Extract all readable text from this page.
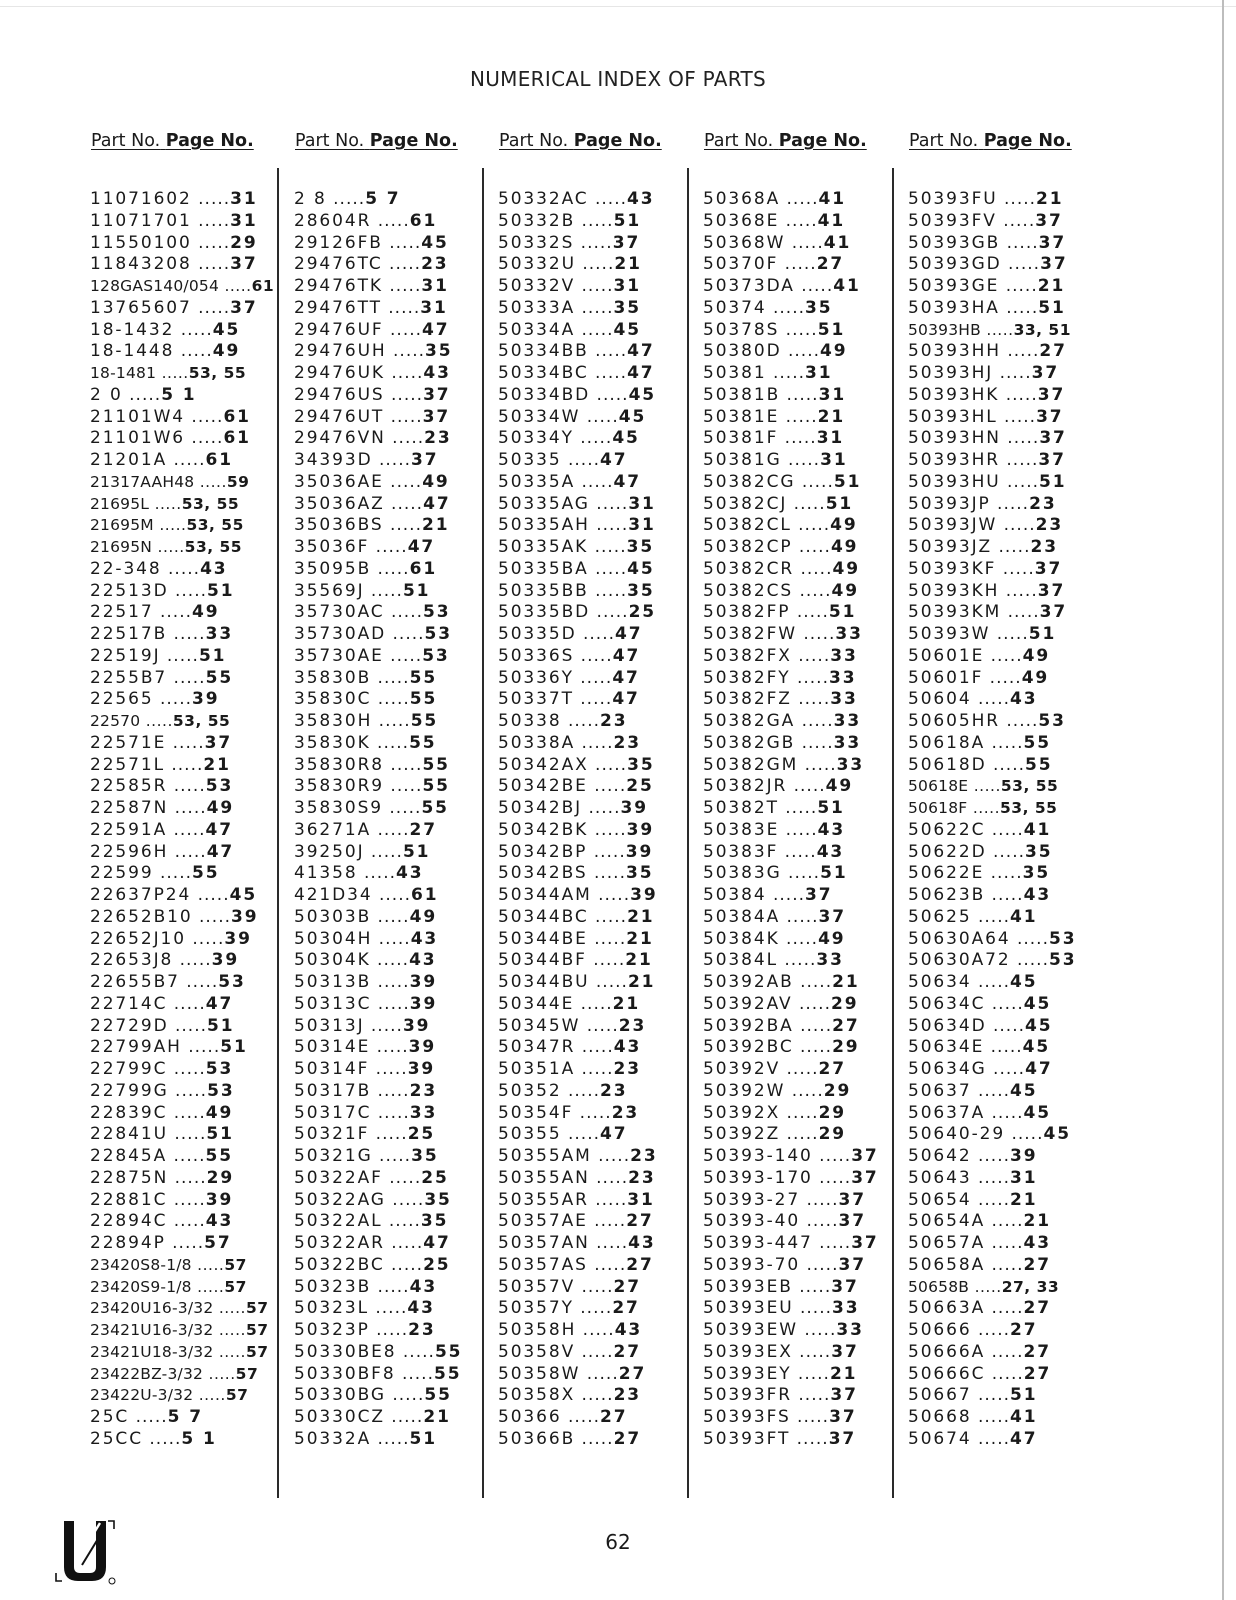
NUMERICAL INDEX OF PARTS
Part No. Page No. Part No. Page No. Part No. Page No. Part No. Page No. Part No. Page No.
11071602 .....31
11071701 .....31
11550100 .....29
11843208 .....37
128GAS140/054 .....61
13765607 .....37
18-1432 .....45
18-1448 .....49
18-1481 .....53, 55
2 0 .....5 1
21101W4 .....61
21101W6 .....61
21201A .....61
21317AAH48 .....59
21695L .....53, 55
21695M .....53, 55
21695N .....53, 55
22-348 .....43
22513D .....51
22517 .....49
22517B .....33
22519J .....51
2255B7 .....55
22565 .....39
22570 .....53, 55
22571E .....37
22571L .....21
22585R .....53
22587N .....49
22591A .....47
22596H .....47
22599 .....55
22637P24 .....45
22652B10 .....39
22652J10 .....39
22653J8 .....39
22655B7 .....53
22714C .....47
22729D .....51
22799AH .....51
22799C .....53
22799G .....53
22839C .....49
22841U .....51
22845A .....55
22875N .....29
22881C .....39
22894C .....43
22894P .....57
23420S8-1/8 .....57
23420S9-1/8 .....57
23420U16-3/32 .....57
23421U16-3/32 .....57
23421U18-3/32 .....57
23422BZ-3/32 .....57
23422U-3/32 .....57
25C .....5 7
25CC .....5 1
2 8 .....5 7
28604R .....61
29126FB .....45
29476TC .....23
29476TK .....31
29476TT .....31
29476UF .....47
29476UH .....35
29476UK .....43
29476US .....37
29476UT .....37
29476VN .....23
34393D .....37
35036AE .....49
35036AZ .....47
35036BS .....21
35036F .....47
35095B .....61
35569J .....51
35730AC .....53
35730AD .....53
35730AE .....53
35830B .....55
35830C .....55
35830H .....55
35830K .....55
35830R8 .....55
35830R9 .....55
35830S9 .....55
36271A .....27
39250J .....51
41358 .....43
421D34 .....61
50303B .....49
50304H .....43
50304K .....43
50313B .....39
50313C .....39
50313J .....39
50314E .....39
50314F .....39
50317B .....23
50317C .....33
50321F .....25
50321G .....35
50322AF .....25
50322AG .....35
50322AL .....35
50322AR .....47
50322BC .....25
50323B .....43
50323L .....43
50323P .....23
50330BE8 .....55
50330BF8 .....55
50330BG .....55
50330CZ .....21
50332A .....51
50332AC .....43
50332B .....51
50332S .....37
50332U .....21
50332V .....31
50333A .....35
50334A .....45
50334BB .....47
50334BC .....47
50334BD .....45
50334W .....45
50334Y .....45
50335 .....47
50335A .....47
50335AG .....31
50335AH .....31
50335AK .....35
50335BA .....45
50335BB .....35
50335BD .....25
50335D .....47
50336S .....47
50336Y .....47
50337T .....47
50338 .....23
50338A .....23
50342AX .....35
50342BE .....25
50342BJ .....39
50342BK .....39
50342BP .....39
50342BS .....35
50344AM .....39
50344BC .....21
50344BE .....21
50344BF .....21
50344BU .....21
50344E .....21
50345W .....23
50347R .....43
50351A .....23
50352 .....23
50354F .....23
50355 .....47
50355AM .....23
50355AN .....23
50355AR .....31
50357AE .....27
50357AN .....43
50357AS .....27
50357V .....27
50357Y .....27
50358H .....43
50358V .....27
50358W .....27
50358X .....23
50366 .....27
50366B .....27
50368A .....41
50368E .....41
50368W .....41
50370F .....27
50373DA .....41
50374 .....35
50378S .....51
50380D .....49
50381 .....31
50381B .....31
50381E .....21
50381F .....31
50381G .....31
50382CG .....51
50382CJ .....51
50382CL .....49
50382CP .....49
50382CR .....49
50382CS .....49
50382FP .....51
50382FW .....33
50382FX .....33
50382FY .....33
50382FZ .....33
50382GA .....33
50382GB .....33
50382GM .....33
50382JR .....49
50382T .....51
50383E .....43
50383F .....43
50383G .....51
50384 .....37
50384A .....37
50384K .....49
50384L .....33
50392AB .....21
50392AV .....29
50392BA .....27
50392BC .....29
50392V .....27
50392W .....29
50392X .....29
50392Z .....29
50393-140 .....37
50393-170 .....37
50393-27 .....37
50393-40 .....37
50393-447 .....37
50393-70 .....37
50393EB .....37
50393EU .....33
50393EW .....33
50393EX .....37
50393EY .....21
50393FR .....37
50393FS .....37
50393FT .....37
50393FU .....21
50393FV .....37
50393GB .....37
50393GD .....37
50393GE .....21
50393HA .....51
50393HB .....33, 51
50393HH .....27
50393HJ .....37
50393HK .....37
50393HL .....37
50393HN .....37
50393HR .....37
50393HU .....51
50393JP .....23
50393JW .....23
50393JZ .....23
50393KF .....37
50393KH .....37
50393KM .....37
50393W .....51
50601E .....49
50601F .....49
50604 .....43
50605HR .....53
50618A .....55
50618D .....55
50618E .....53, 55
50618F .....53, 55
50622C .....41
50622D .....35
50622E .....35
50623B .....43
50625 .....41
50630A64 .....53
50630A72 .....53
50634 .....45
50634C .....45
50634D .....45
50634E .....45
50634G .....47
50637 .....45
50637A .....45
50640-29 .....45
50642 .....39
50643 .....31
50654 .....21
50654A .....21
50657A .....43
50658A .....27
50658B .....27, 33
50663A .....27
50666 .....27
50666A .....27
50666C .....27
50667 .....51
50668 .....41
50674 .....47
62
